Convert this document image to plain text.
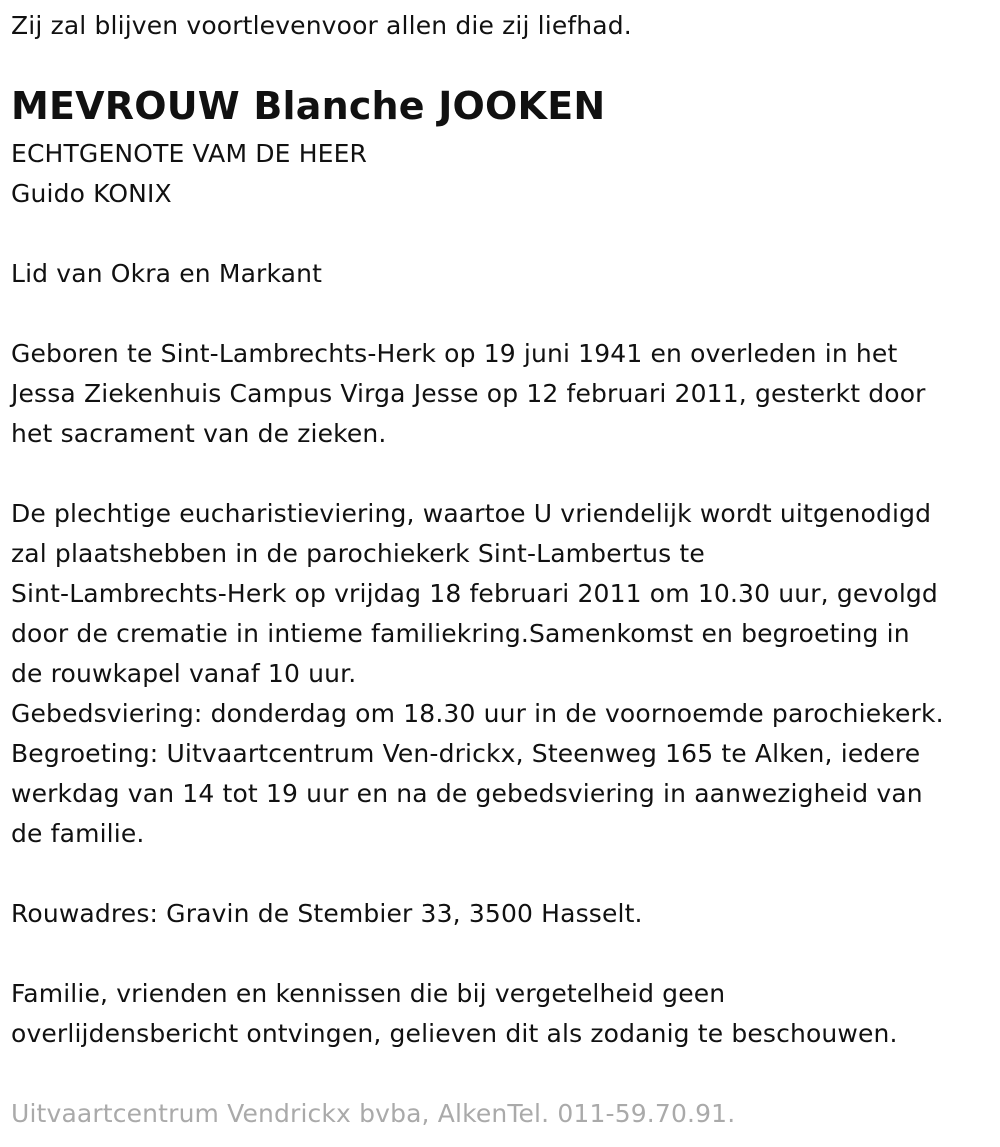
Zij zal blijven voortlevenvoor allen die zij liefhad.
MEVROUW Blanche JOOKEN
ECHTGENOTE VAM DE HEER
Guido KONIX
Lid van Okra en Markant
Geboren te Sint-Lambrechts-Herk op 19 juni 1941 en overleden in het
Jessa Ziekenhuis Campus Virga Jesse op 12 februari 2011, gesterkt door
het sacrament van de zieken.
De plechtige eucharistieviering, waartoe U vriendelijk wordt uitgenodigd
zal plaatshebben in de parochiekerk Sint-Lambertus te
Sint-Lambrechts-Herk op vrijdag 18 februari 2011 om 10.30 uur, gevolgd
door de crematie in intieme familiekring.Samenkomst en begroeting in
de rouwkapel vanaf 10 uur.
Gebedsviering: donderdag om 18.30 uur in de voornoemde parochiekerk.
Begroeting: Uitvaartcentrum Ven-drickx, Steenweg 165 te Alken, iedere
werkdag van 14 tot 19 uur en na de gebedsviering in aanwezigheid van
de familie.
Rouwadres: Gravin de Stembier 33, 3500 Hasselt.
Familie, vrienden en kennissen die bij vergetelheid geen
overlijdensbericht ontvingen, gelieven dit als zodanig te beschouwen.
Uitvaartcentrum Vendrickx bvba, AlkenTel. 011-59.70.91.
